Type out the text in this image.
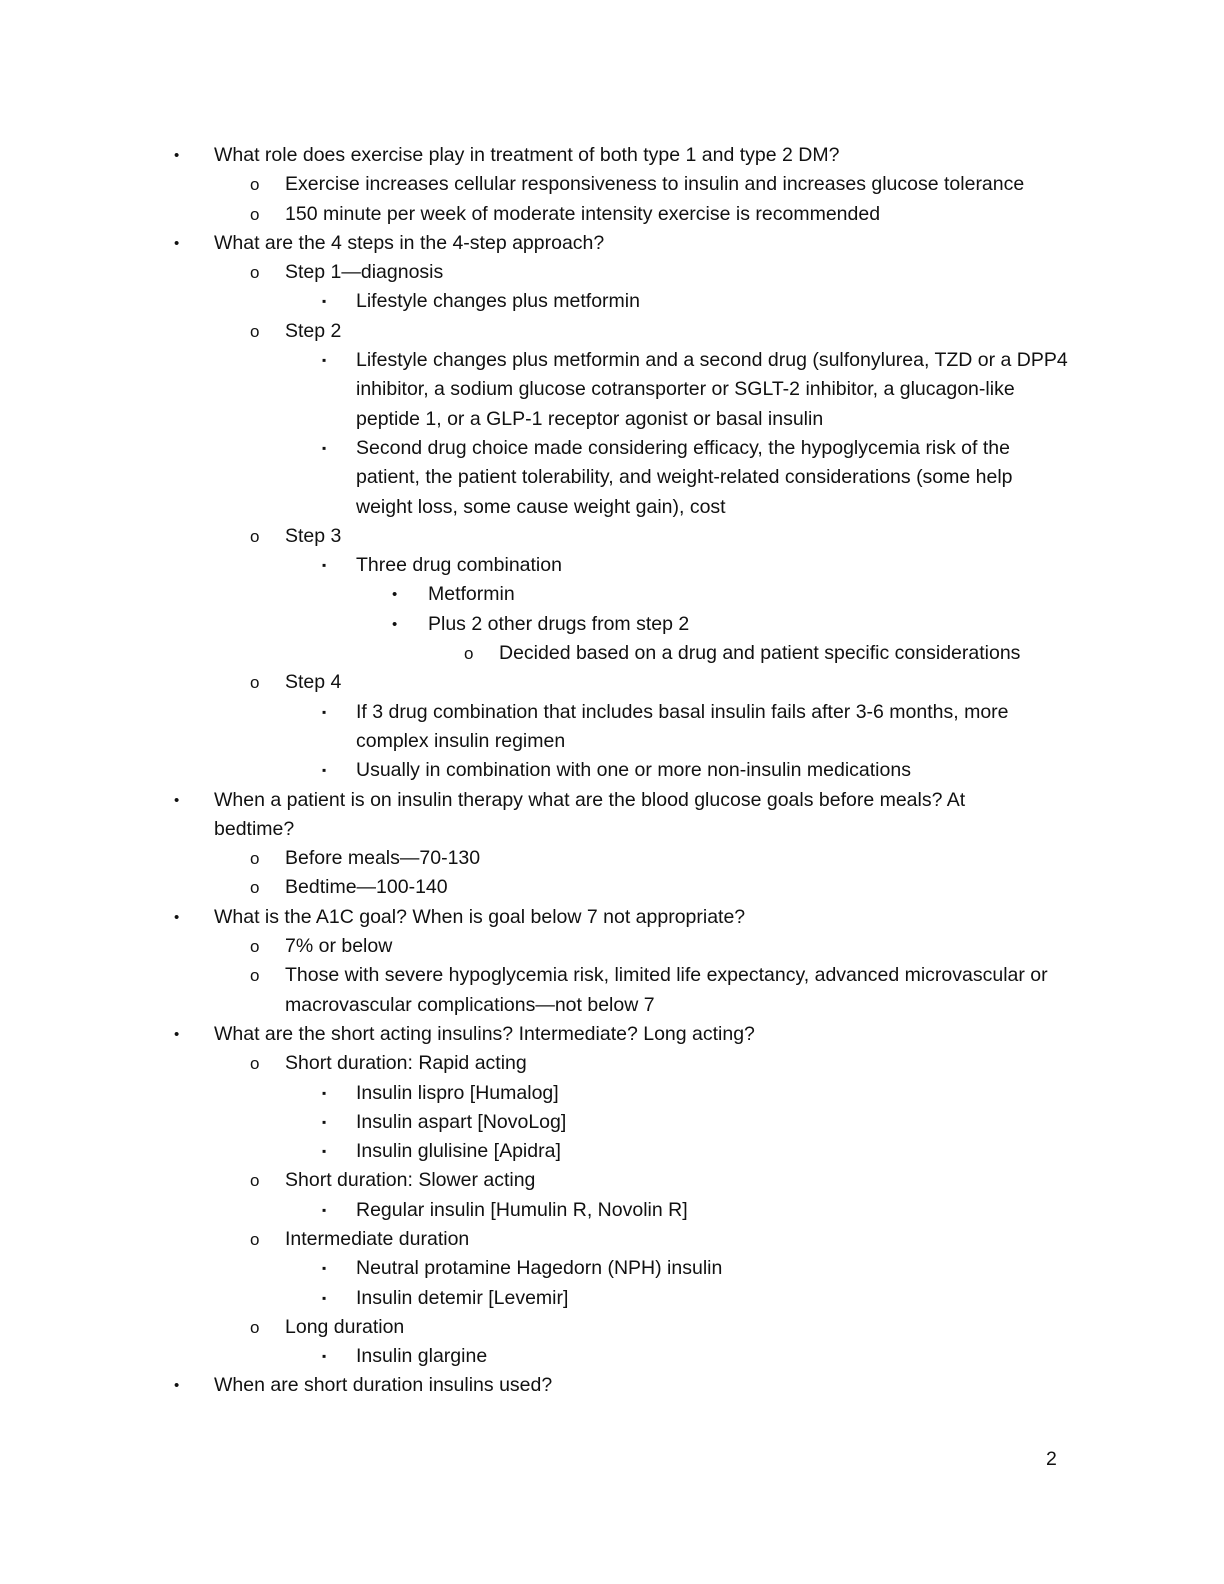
• What role does exercise play in treatment of both type 1 and type 2 DM?
o Exercise increases cellular responsiveness to insulin and increases glucose tolerance
o 150 minute per week of moderate intensity exercise is recommended
• What are the 4 steps in the 4-step approach?
o Step 1—diagnosis
▪ Lifestyle changes plus metformin
o Step 2
▪ Lifestyle changes plus metformin and a second drug (sulfonylurea, TZD or a DPP4
inhibitor, a sodium glucose cotransporter or SGLT-2 inhibitor, a glucagon-like
peptide 1, or a GLP-1 receptor agonist or basal insulin
▪ Second drug choice made considering efficacy, the hypoglycemia risk of the
patient, the patient tolerability, and weight-related considerations (some help
weight loss, some cause weight gain), cost
o Step 3
▪ Three drug combination
• Metformin
• Plus 2 other drugs from step 2
o Decided based on a drug and patient specific considerations
o Step 4
▪ If 3 drug combination that includes basal insulin fails after 3-6 months, more
complex insulin regimen
▪ Usually in combination with one or more non-insulin medications
• When a patient is on insulin therapy what are the blood glucose goals before meals? At
bedtime?
o Before meals—70-130
o Bedtime—100-140
• What is the A1C goal? When is goal below 7 not appropriate?
o 7% or below
o Those with severe hypoglycemia risk, limited life expectancy, advanced microvascular or
macrovascular complications—not below 7
• What are the short acting insulins? Intermediate? Long acting?
o Short duration: Rapid acting
▪ Insulin lispro [Humalog]
▪ Insulin aspart [NovoLog]
▪ Insulin glulisine [Apidra]
o Short duration: Slower acting
▪ Regular insulin [Humulin R, Novolin R]
o Intermediate duration
▪ Neutral protamine Hagedorn (NPH) insulin
▪ Insulin detemir [Levemir]
o Long duration
▪ Insulin glargine
• When are short duration insulins used?
2
